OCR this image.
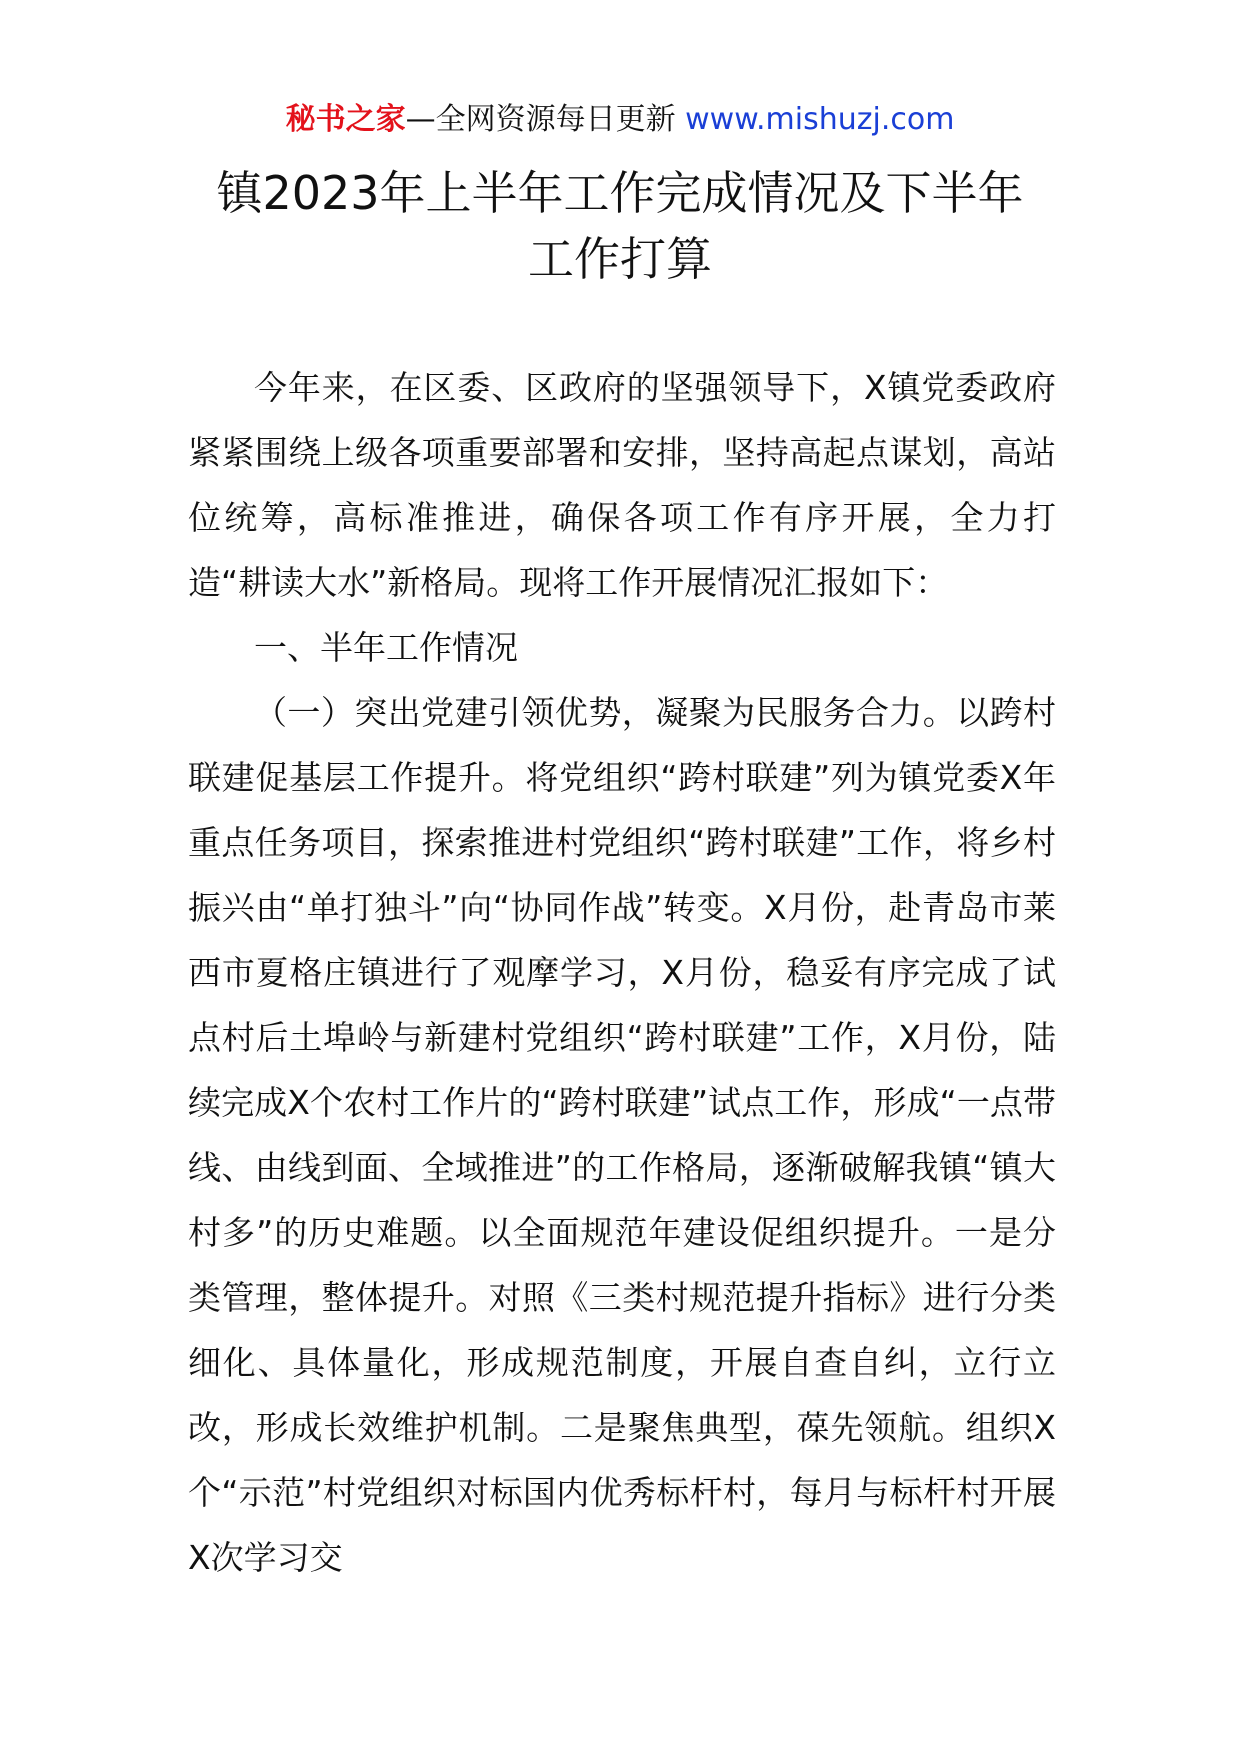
秘书之家—全网资源每日更新 www.mishuzj.com
镇2023年上半年工作完成情况及下半年
工作打算

今年来，在区委、区政府的坚强领导下，X镇党委政府紧紧围绕上级各项重要部署和安排，坚持高起点谋划，高站位统筹，高标准推进，确保各项工作有序开展，全力打造“耕读大水”新格局。现将工作开展情况汇报如下：

一、半年工作情况

（一）突出党建引领优势，凝聚为民服务合力。以跨村联建促基层工作提升。将党组织“跨村联建”列为镇党委X年重点任务项目，探索推进村党组织“跨村联建”工作，将乡村振兴由“单打独斗”向“协同作战”转变。X月份，赴青岛市莱西市夏格庄镇进行了观摩学习，X月份，稳妥有序完成了试点村后土埠岭与新建村党组织“跨村联建”工作，X月份，陆续完成X个农村工作片的“跨村联建”试点工作，形成“一点带线、由线到面、全域推进”的工作格局，逐渐破解我镇“镇大村多”的历史难题。以全面规范年建设促组织提升。一是分类管理，整体提升。对照《三类村规范提升指标》进行分类细化、具体量化，形成规范制度，开展自查自纠，立行立改，形成长效维护机制。二是聚焦典型，葆先领航。组织X个“示范”村党组织对标国内优秀标杆村，每月与标杆村开展X次学习交
